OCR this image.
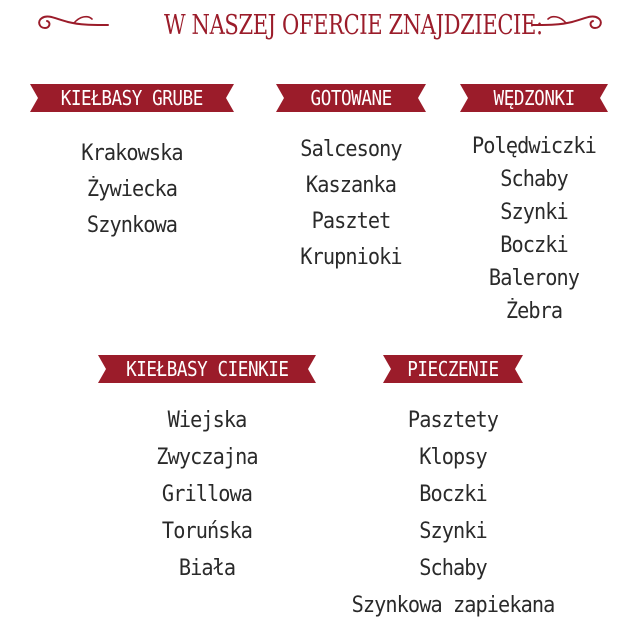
W NASZEJ OFERCIE ZNAJDZIECIE:
KIEŁBASY GRUBE
Krakowska
Żywiecka
Szynkowa
GOTOWANE
Salcesony
Kaszanka
Pasztet
Krupnioki
WĘDZONKI
Polędwiczki
Schaby
Szynki
Boczki
Balerony
Żebra
KIEŁBASY CIENKIE
Wiejska
Zwyczajna
Grillowa
Toruńska
Biała
PIECZENIE
Pasztety
Klopsy
Boczki
Szynki
Schaby
Szynkowa zapiekana
